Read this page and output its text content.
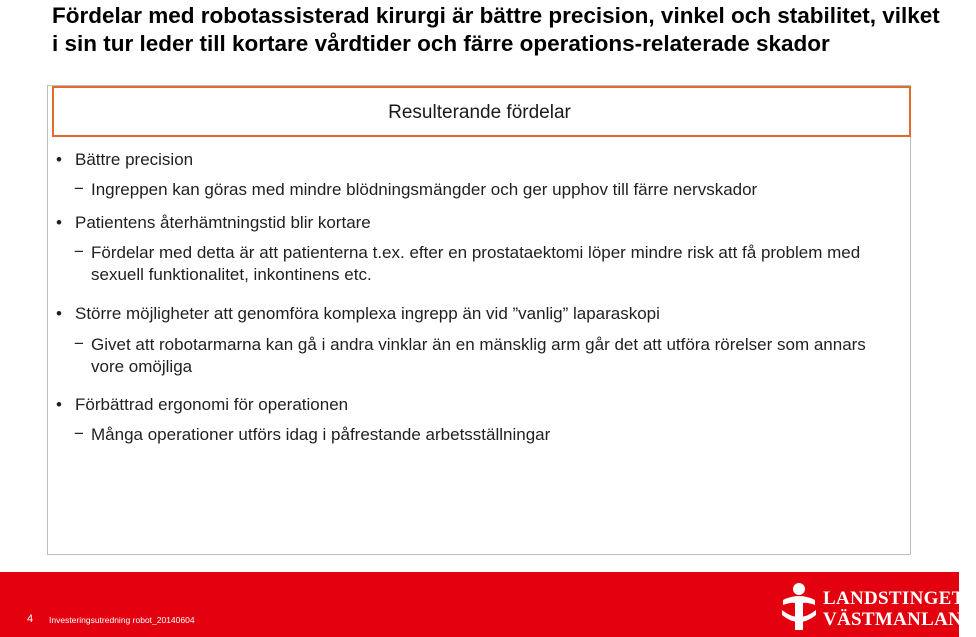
Fördelar med robotassisterad kirurgi är bättre precision, vinkel och stabilitet, vilket i sin tur leder till kortare vårdtider och färre operations-relaterade skador
Resulterande fördelar
• Bättre precision
− Ingreppen kan göras med mindre blödningsmängder och ger upphov till färre nervskador
• Patientens återhämtningstid blir kortare
− Fördelar med detta är att patienterna t.ex. efter en prostataektomi löper mindre risk att få problem med sexuell funktionalitet, inkontinens etc.
• Större möjligheter att genomföra komplexa ingrepp än vid ”vanlig” laparaskopi
− Givet att robotarmarna kan gå i andra vinklar än en mänsklig arm går det att utföra rörelser som annars vore omöjliga
• Förbättrad ergonomi för operationen
− Många operationer utförs idag i påfrestande arbetsställningar
4 Investeringsutredning robot_20140604
LANDSTINGET
VÄSTMANLAND
